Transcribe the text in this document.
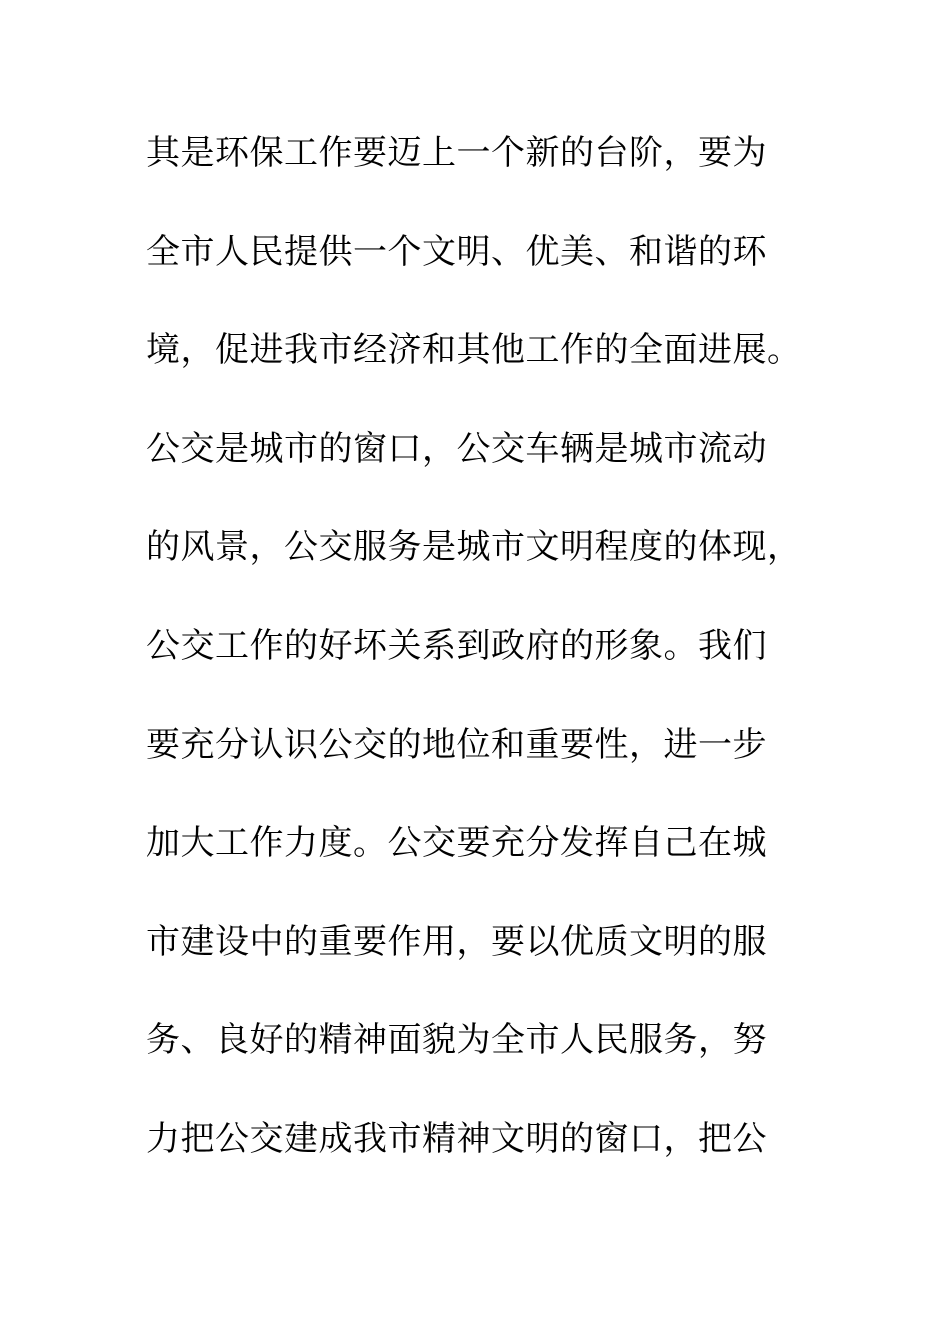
其是环保工作要迈上一个新的台阶，要为
全市人民提供一个文明、优美、和谐的环
境，促进我市经济和其他工作的全面进展。
公交是城市的窗口，公交车辆是城市流动
的风景，公交服务是城市文明程度的体现，
公交工作的好坏关系到政府的形象。我们
要充分认识公交的地位和重要性，进一步
加大工作力度。公交要充分发挥自己在城
市建设中的重要作用，要以优质文明的服
务、良好的精神面貌为全市人民服务，努
力把公交建成我市精神文明的窗口，把公
